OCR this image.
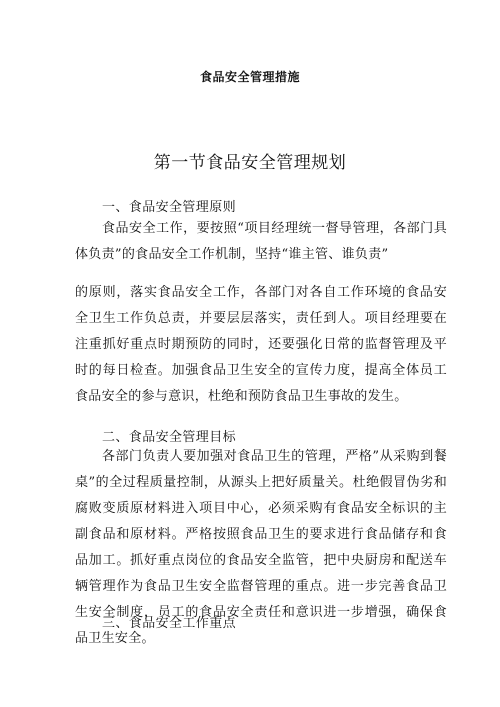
食品安全管理措施
第一节食品安全管理规划
一、食品安全管理原则

食品安全工作，要按照“项目经理统一督导管理，各部门具体负责”的食品安全工作机制，坚持“谁主管、谁负责”

的原则，落实食品安全工作，各部门对各自工作环境的食品安全卫生工作负总责，并要层层落实，责任到人。项目经理要在注重抓好重点时期预防的同时，还要强化日常的监督管理及平时的每日检查。加强食品卫生安全的宣传力度，提高全体员工食品安全的参与意识，杜绝和预防食品卫生事故的发生。

二、食品安全管理目标

各部门负责人要加强对食品卫生的管理，严格”从采购到餐桌”的全过程质量控制，从源头上把好质量关。杜绝假冒伪劣和腐败变质原材料进入项目中心，必须采购有食品安全标识的主副食品和原材料。严格按照食品卫生的要求进行食品储存和食品加工。抓好重点岗位的食品安全监管，把中央厨房和配送车辆管理作为食品卫生安全监督管理的重点。进一步完善食品卫生安全制度，员工的食品安全责任和意识进一步增强，确保食品卫生安全。

三、食品安全工作重点
